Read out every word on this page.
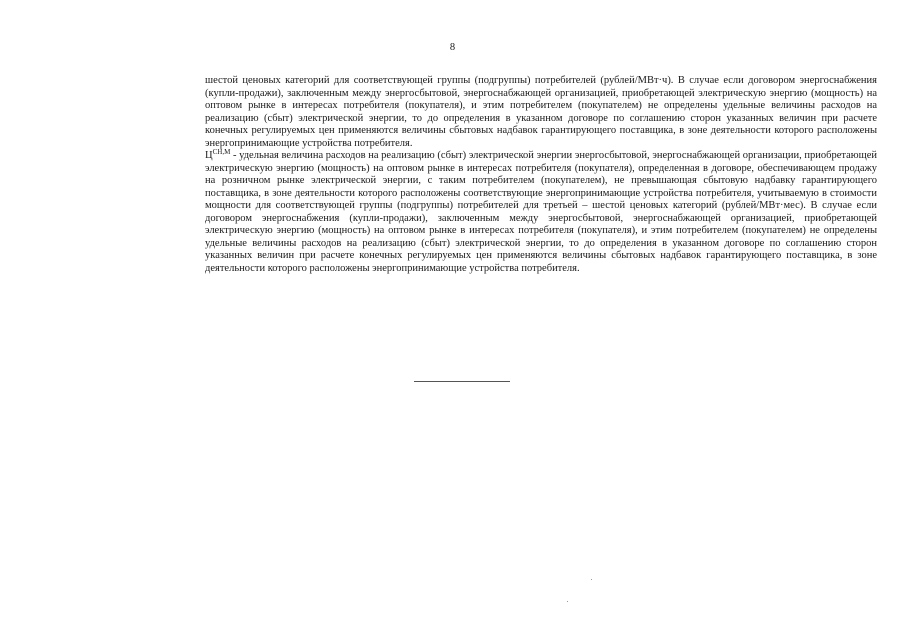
8

шестой ценовых категорий для соответствующей группы (подгруппы) потребителей (рублей/МВт·ч). В случае если договором энергоснабжения (купли-продажи), заключенным между энергосбытовой, энергоснабжающей организацией, приобретающей электрическую энергию (мощность) на оптовом рынке в интересах потребителя (покупателя), и этим потребителем (покупателем) не определены удельные величины расходов на реализацию (сбыт) электрической энергии, то до определения в указанном договоре по соглашению сторон указанных величин при расчете конечных регулируемых цен применяются величины сбытовых надбавок гарантирующего поставщика, в зоне деятельности которого расположены энергопринимающие устройства потребителя.

$Ц^{СН,М}$ - удельная величина расходов на реализацию (сбыт) электрической энергии энергосбытовой, энергоснабжающей организации, приобретающей электрическую энергию (мощность) на оптовом рынке в интересах потребителя (покупателя), определенная в договоре, обеспечивающем продажу на розничном рынке электрической энергии, с таким потребителем (покупателем), не превышающая сбытовую надбавку гарантирующего поставщика, в зоне деятельности которого расположены соответствующие энергопринимающие устройства потребителя, учитываемую в стоимости мощности для соответствующей группы (подгруппы) потребителей для третьей – шестой ценовых категорий (рублей/МВт·мес). В случае если договором энергоснабжения (купли-продажи), заключенным между энергосбытовой, энергоснабжающей организацией, приобретающей электрическую энергию (мощность) на оптовом рынке в интересах потребителя (покупателя), и этим потребителем (покупателем) не определены удельные величины расходов на реализацию (сбыт) электрической энергии, то до определения в указанном договоре по соглашению сторон указанных величин при расчете конечных регулируемых цен применяются величины сбытовых надбавок гарантирующего поставщика, в зоне деятельности которого расположены энергопринимающие устройства потребителя.
